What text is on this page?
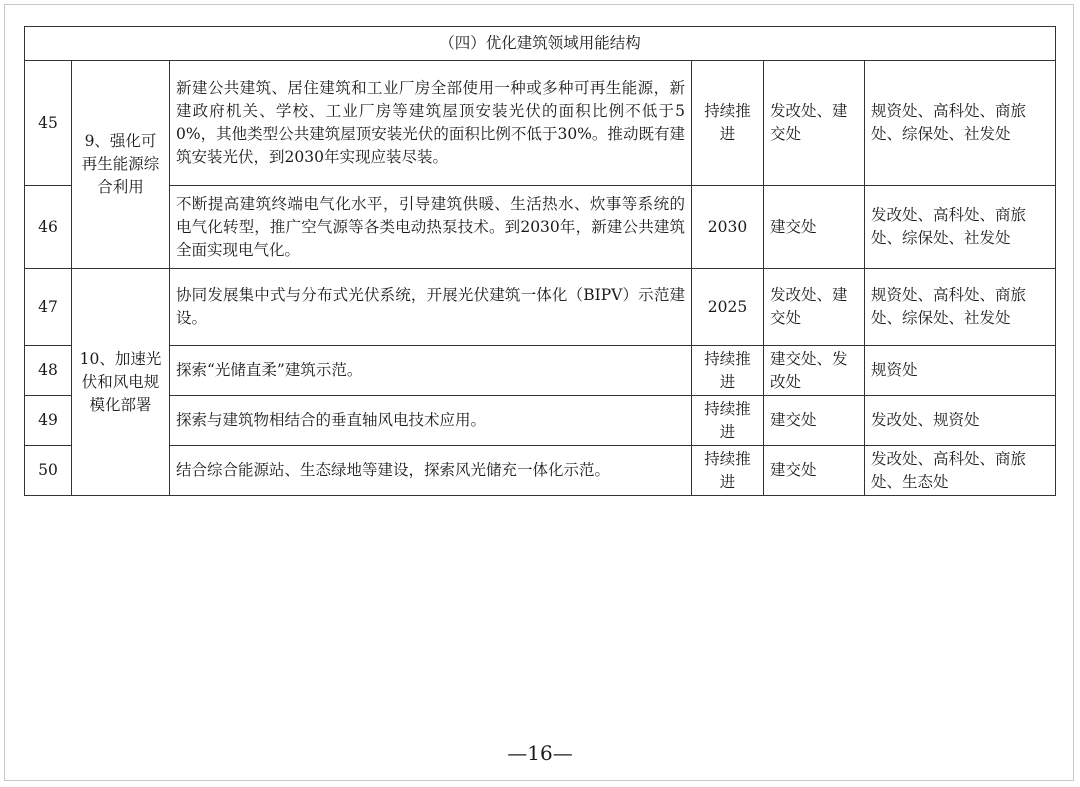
（四）优化建筑领域用能结构					
45	9、强化可再生能源综合利用	新建公共建筑、居住建筑和工业厂房全部使用一种或多种可再生能源，新建政府机关、学校、工业厂房等建筑屋顶安装光伏的面积比例不低于50%，其他类型公共建筑屋顶安装光伏的面积比例不低于30%。推动既有建筑安装光伏，到2030年实现应装尽装。	持续推进	发改处、建交处	规资处、高科处、商旅处、综保处、社发处
46		不断提高建筑终端电气化水平，引导建筑供暖、生活热水、炊事等系统的电气化转型，推广空气源等各类电动热泵技术。到2030年，新建公共建筑全面实现电气化。	2030	建交处	发改处、高科处、商旅处、综保处、社发处
47	10、加速光伏和风电规模化部署	协同发展集中式与分布式光伏系统，开展光伏建筑一体化（BIPV）示范建设。	2025	发改处、建交处	规资处、高科处、商旅处、综保处、社发处
48		探索“光储直柔”建筑示范。	持续推进	建交处、发改处	规资处
49		探索与建筑物相结合的垂直轴风电技术应用。	持续推进	建交处	发改处、规资处
50		结合综合能源站、生态绿地等建设，探索风光储充一体化示范。	持续推进	建交处	发改处、高科处、商旅处、生态处
—16—
